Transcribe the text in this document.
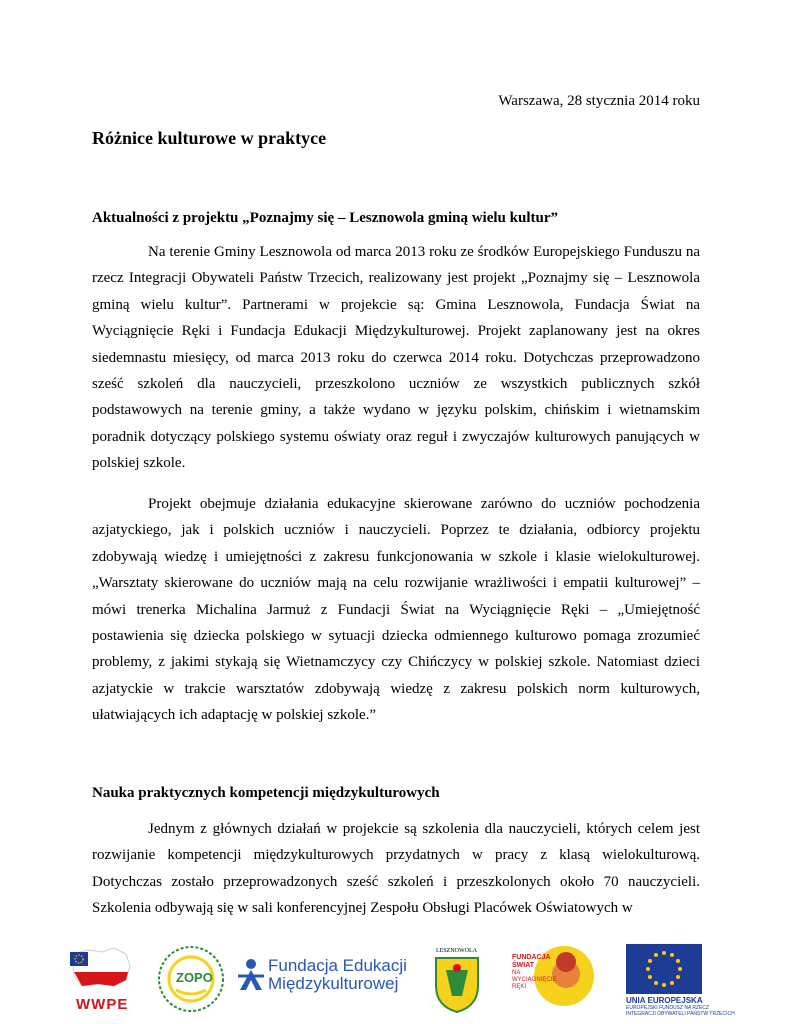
Warszawa, 28 stycznia 2014 roku
Różnice kulturowe w praktyce
Aktualności z projektu „Poznajmy się – Lesznowola gminą wielu kultur”

Na terenie Gminy Lesznowola od marca 2013 roku ze środków Europejskiego Funduszu na rzecz Integracji Obywateli Państw Trzecich, realizowany jest projekt „Poznajmy się – Lesznowola gminą wielu kultur”. Partnerami w projekcie są: Gmina Lesznowola, Fundacja Świat na Wyciągnięcie Ręki i Fundacja Edukacji Międzykulturowej. Projekt zaplanowany jest na okres siedemnastu miesięcy, od marca 2013 roku do czerwca 2014 roku. Dotychczas przeprowadzono sześć szkoleń dla nauczycieli, przeszkolono uczniów ze wszystkich publicznych szkół podstawowych na terenie gminy, a także wydano w języku polskim, chińskim i wietnamskim poradnik dotyczący polskiego systemu oświaty oraz reguł i zwyczajów kulturowych panujących w polskiej szkole.

Projekt obejmuje działania edukacyjne skierowane zarówno do uczniów pochodzenia azjatyckiego, jak i polskich uczniów i nauczycieli. Poprzez te działania, odbiorcy projektu zdobywają wiedzę i umiejętności z zakresu funkcjonowania w szkole i klasie wielokulturowej. „Warsztaty skierowane do uczniów mają na celu rozwijanie wrażliwości i empatii kulturowej” – mówi trenerka Michalina Jarmuż z Fundacji Świat na Wyciągnięcie Ręki – „Umiejętność postawienia się dziecka polskiego w sytuacji dziecka odmiennego kulturowo pomaga zrozumieć problemy, z jakimi stykają się Wietnamczycy czy Chińczycy w polskiej szkole. Natomiast dzieci azjatyckie w trakcie warsztatów zdobywają wiedzę z zakresu polskich norm kulturowych, ułatwiających ich adaptację w polskiej szkole.”

Nauka praktycznych kompetencji międzykulturowych

Jednym z głównych działań w projekcie są szkolenia dla nauczycieli, których celem jest rozwijanie kompetencji międzykulturowych przydatnych w pracy z klasą wielokulturową. Dotychczas zostało przeprowadzonych sześć szkoleń i przeszkolonych około 70 nauczycieli. Szkolenia odbywają się w sali konferencyjnej Zespołu Obsługi Placówek Oświatowych w

WWPE
ZOPO
Fundacja Edukacji
Międzykulturowej
LESZNOWOLA
FUNDACJA
ŚWIAT
NA
WYCIĄGNIĘCIE
RĘKI
UNIA EUROPEJSKA
EUROPEJSKI FUNDUSZ NA RZECZ
INTEGRACJI OBYWATELI PAŃSTW TRZECICH
